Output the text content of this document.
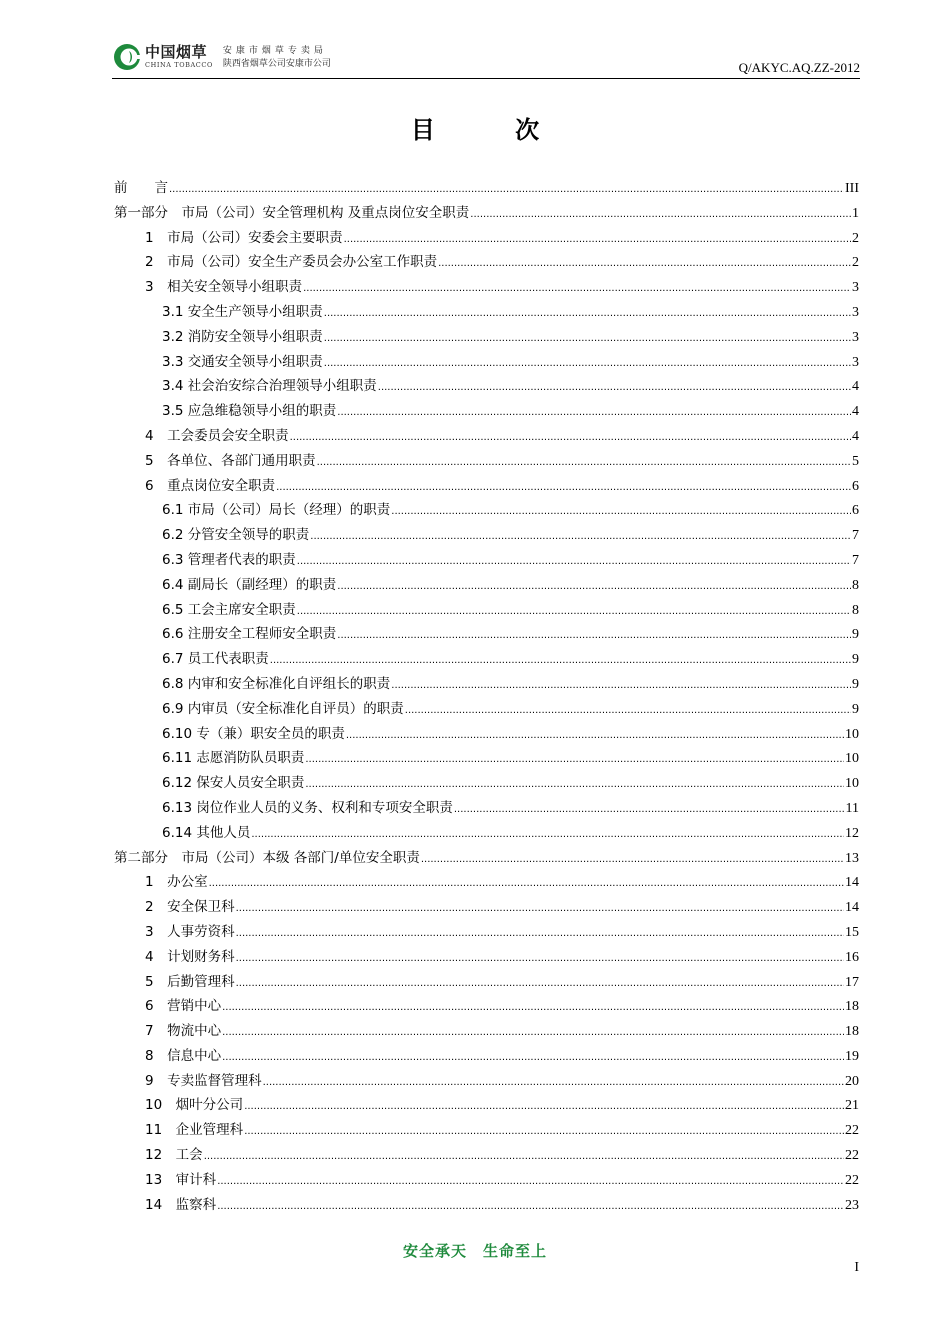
中国烟草
CHINA TOBACCO
安康市烟草专卖局
陕西省烟草公司安康市公司	Q/AKYC.AQ.ZZ-2012
目 次
前　　言 .....	III
第一部分　市局（公司）安全管理机构 及重点岗位安全职责 .....	1
1　市局（公司）安委会主要职责 .....	2
2　市局（公司）安全生产委员会办公室工作职责 .....	2
3　相关安全领导小组职责 .....	3
3.1 安全生产领导小组职责 .....	3
3.2 消防安全领导小组职责 .....	3
3.3 交通安全领导小组职责 .....	3
3.4 社会治安综合治理领导小组职责 .....	4
3.5 应急维稳领导小组的职责 .....	4
4　工会委员会安全职责 .....	4
5　各单位、各部门通用职责 .....	5
6　重点岗位安全职责 .....	6
6.1 市局（公司）局长（经理）的职责 .....	6
6.2 分管安全领导的职责 .....	7
6.3 管理者代表的职责 .....	7
6.4 副局长（副经理）的职责 .....	8
6.5 工会主席安全职责 .....	8
6.6 注册安全工程师安全职责 .....	9
6.7 员工代表职责 .....	9
6.8 内审和安全标准化自评组长的职责 .....	9
6.9 内审员（安全标准化自评员）的职责 .....	9
6.10 专（兼）职安全员的职责 .....	10
6.11 志愿消防队员职责 .....	10
6.12 保安人员安全职责 .....	10
6.13 岗位作业人员的义务、权利和专项安全职责 .....	11
6.14 其他人员 .....	12
第二部分　市局（公司）本级 各部门/单位安全职责 .....	13
1　办公室 .....	14
2　安全保卫科 .....	14
3　人事劳资科 .....	15
4　计划财务科 .....	16
5　后勤管理科 .....	17
6　营销中心 .....	18
7　物流中心 .....	18
8　信息中心 .....	19
9　专卖监督管理科 .....	20
10　烟叶分公司 .....	21
11　企业管理科 .....	22
12　工会 .....	22
13　审计科 .....	22
14　监察科 .....	23
安全承天　生命至上
I
